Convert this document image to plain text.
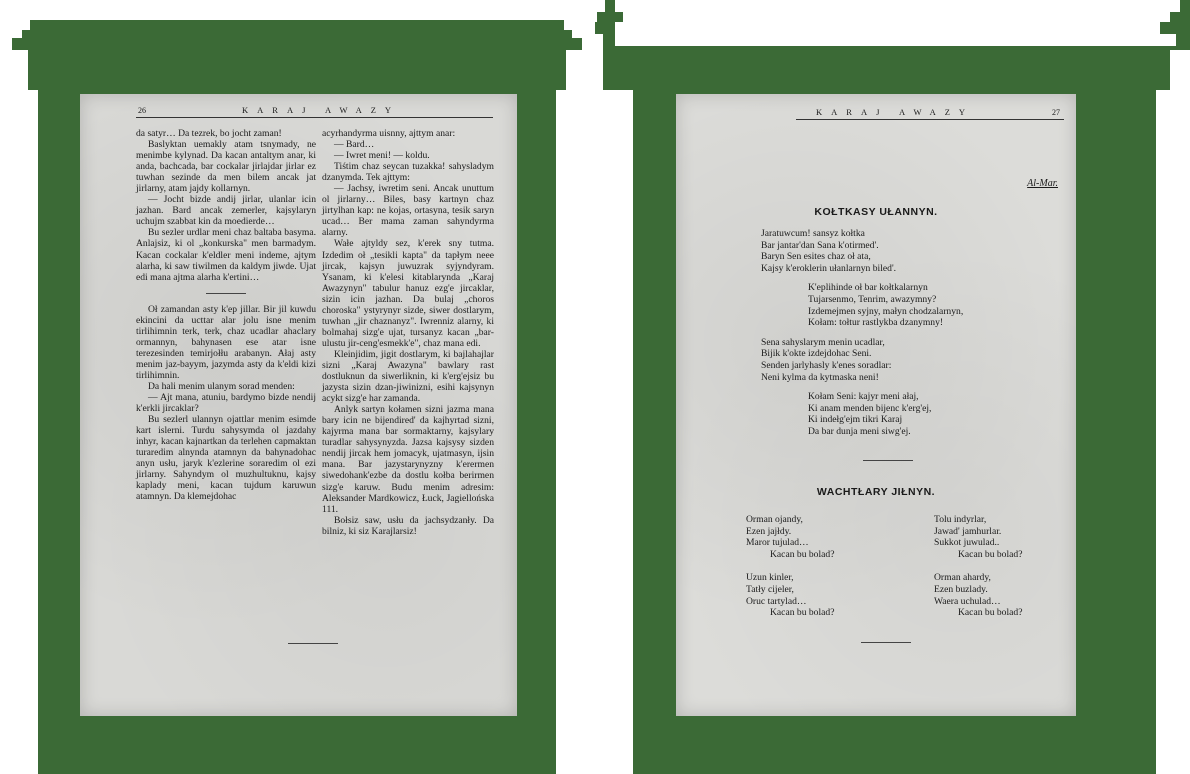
26	KARAJ AWAZY

da satyr… Da tezrek, bo jocht zaman!

Baslyktan uemakly atam tsnymady, ne menimbe kylynad. Da kacan antaltym anar, ki anda, bachcada, bar cockalar jirlajdar jirlar ez tuwhan sezinde da men bilem ancak jat jirlarny, atam jajdy kollarnyn.

— Jocht bizde andij jirlar, ulanlar icin jazhan. Bard ancak zemerler, kajsylaryn uchujm szabbat kin da moedierde…

Bu sezler urdlar meni chaz baltaba basyma. Anlajsiz, ki ol „konkurska" men barmadym. Kacan cockalar k'eldler meni indeme, ajtym alarha, ki saw tiwilmen da kaldym jiwde. Ujat edi mana ajtma alarha k'ertini…

Oł zamandan asty k'ep jillar. Bir jil kuwdu ekincini da ucttar alar jolu isne menim tirlihimnin terk, terk, chaz ucadlar ahaclary ormannyn, bahynasen ese atar isne terezesinden temirjołłu arabanyn. Ałaj asty menim jaz-bayym, jazymda asty da k'eldi kizi tirlihimnin.

Da hali menim ulanym sorad menden:

— Ajt mana, atuniu, bardymo bizde nendij k'erkli jircaklar?

Bu sezlerl ulannyn ojattlar menim esimde kart islerni. Turdu sahysymda ol jazdahy inhyr, kacan kajnartkan da terlehen capmaktan turaredim alnynda atamnyn da bahynadohac anyn usłu, jaryk k'ezlerine soraredim ol ezi jirlarny. Sahyndym ol muzhultuknu, kajsy kaplady meni, kacan tujdum karuwun atamnyn. Da klemejdohac

acyrhandyrma uisnny, ajttym anar:

— Bard…

— Iwret meni! — koldu.

Tiśtim chaz seycan tuzakka! sahysladym dzanymda. Tek ajttym:

— Jachsy, iwretim seni. Ancak unuttum ol jirlarny… Biles, basy kartnyn chaz jirtylhan kap: ne kojas, ortasyna, tesik saryn ucad… Ber mama zaman sahyndyrma alarny.

Wałe ajtyldy sez, k'erek sny tutma. Izdedim oł „tesikli kapta" da tapłym neee jircak, kajsyn juwuzrak syjyndyram. Ysanam, ki k'elesi kitablarynda „Karaj Awazynyn" tabulur hanuz ezg'e jircaklar, sizin icin jazhan. Da bulaj „choros choroska" ystyrynyr sizde, siwer dostlarym, tuwhan „jir chaznanyz". Iwrenniz alarny, ki bolmahaj sizg'e ujat, tursanyz kacan „bar-ulustu jir-ceng'esmekk'e", chaz mana edi.

Kleinjidim, jigit dostlarym, ki bajlahajlar sizni „Karaj Awazyna" bawlary rast dostluknun da siwerliknin, ki k'erg'ejsiz bu jazysta sizin dzan-jiwinizni, esihi kajsynyn acykt sizg'e har zamanda.

Anlyk sartyn kołamen sizni jazma mana bary icin ne bijendired' da kajhyrtad sizni, kajyrma mana bar sormaktarny, kajsylary turadlar sahysynyzda. Jazsa kajsysy sizden nendij jircak hem jomacyk, ujatmasyn, ijsin mana. Bar jazystarynyzny k'erermen siwedohank'ezbe da dostlu kołba berirmen sizg'e karuw. Budu menim adresim: Aleksander Mardkowicz, Łuck, Jagiellońska 111.

Bołsiz saw, usłu da jachsydzanły. Da bilniz, ki siz Karajlarsiz!

KARAJ AWAZY	27
Al-Mar.
KOŁTKASY UŁANNYN.

Jaratuwcum! sansyz kołtka

Bar jantar'dan Sana k'otirmed'.

Baryn Sen esites chaz oł ata,

Kajsy k'eroklerin ułanlarnyn biled'.

K'eplihinde oł bar kołtkalarnyn

Tujarsenmo, Tenrim, awazymny?

Izdemejmen syjny, małyn chodzalarnyn,

Kołam: tołtur rastlykba dzanymny!

Sena sahyslarym menin ucadlar,

Bijik k'okte izdejdohac Seni.

Senden jarlyhasly k'enes soradlar:

Neni kylma da kytmaska neni!

Kołam Seni: kajyr meni ałaj,

Ki anam menden bijenc k'erg'ej,

Ki indełg'ejm tikri Karaj

Da bar dunja meni siwg'ej.

WACHTŁARY JIŁNYN.

Orman ojandy,

Ezen jajłdy.

Maror tujulad…

Kacan bu bolad?

Uzun kinler,

Tatły cijeler,

Oruc tartylad…

Kacan bu bolad?

Tolu indyrlar,

Jawad' jamhurlar.

Sukkot juwulad..

Kacan bu bolad?

Orman ahardy,

Ezen buzlady.

Waera uchulad…

Kacan bu bolad?
